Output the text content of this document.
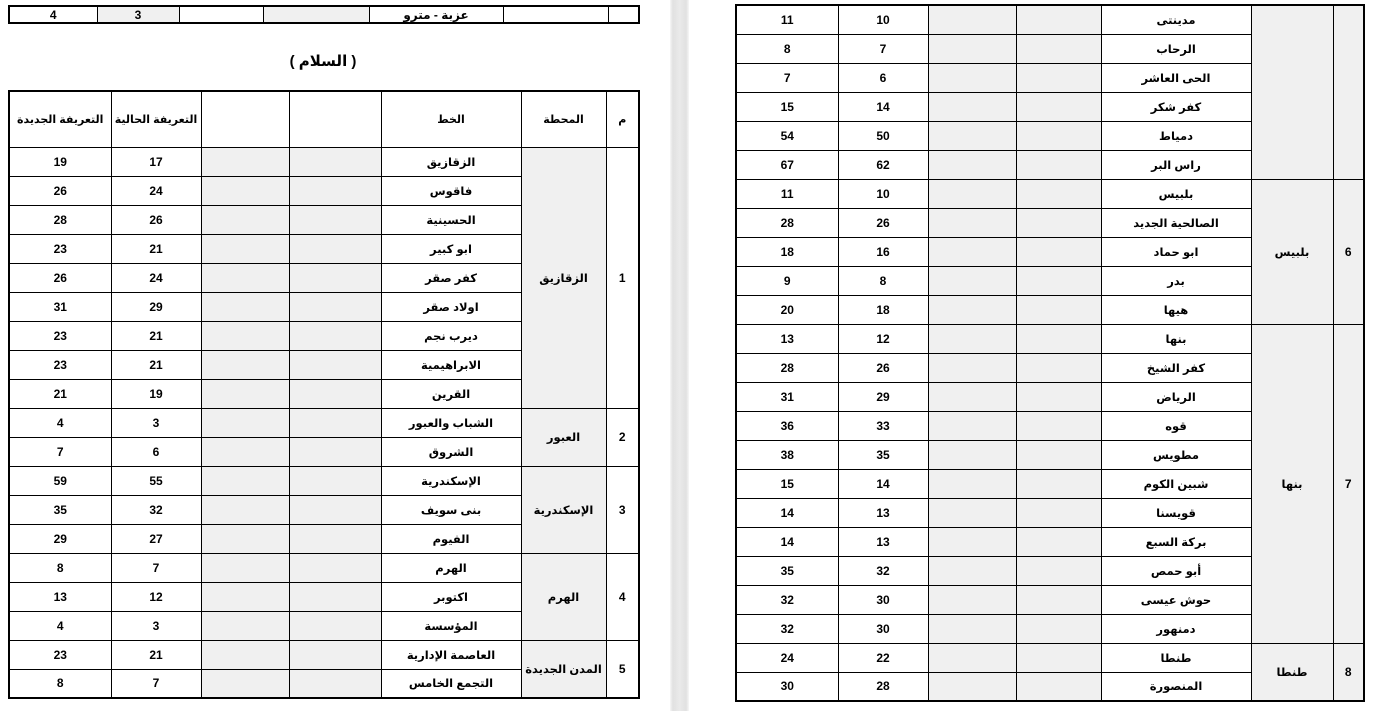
4	3			عزبة - مترو		
( السلام )
م	المحطة	الخط			التعريفة الحالية	التعريفة الجديدة
1	الزقازيق	الزقازيق			17	19
		فاقوس			24	26
		الحسينية			26	28
		ابو كبير			21	23
		كفر صقر			24	26
		اولاد صقر			29	31
		ديرب نجم			21	23
		الابراهيمية			21	23
		القرين			19	21
2	العبور	الشباب والعبور			3	4
		الشروق			6	7
3	الإسكندرية	الإسكندرية			55	59
		بنى سويف			32	35
		الفيوم			27	29
4	الهرم	الهرم			7	8
		اكتوبر			12	13
		المؤسسة			3	4
5	المدن الجديدة	العاصمة الإدارية			21	23
		التجمع الخامس			7	8
		مدينتى			10	11
		الرحاب			7	8
		الحى العاشر			6	7
		كفر شكر			14	15
		دمياط			50	54
		راس البر			62	67
6	بلبيس	بلبيس			10	11
		الصالحية الجديد			26	28
		ابو حماد			16	18
		بدر			8	9
		هيها			18	20
7	بنها	بنها			12	13
		كفر الشيخ			26	28
		الرياض			29	31
		قوه			33	36
		مطويس			35	38
		شبين الكوم			14	15
		قويسنا			13	14
		بركة السبع			13	14
		أبو حمص			32	35
		حوش عيسى			30	32
		دمنهور			30	32
8	طنطا	طنطا			22	24
		المنصورة			28	30
